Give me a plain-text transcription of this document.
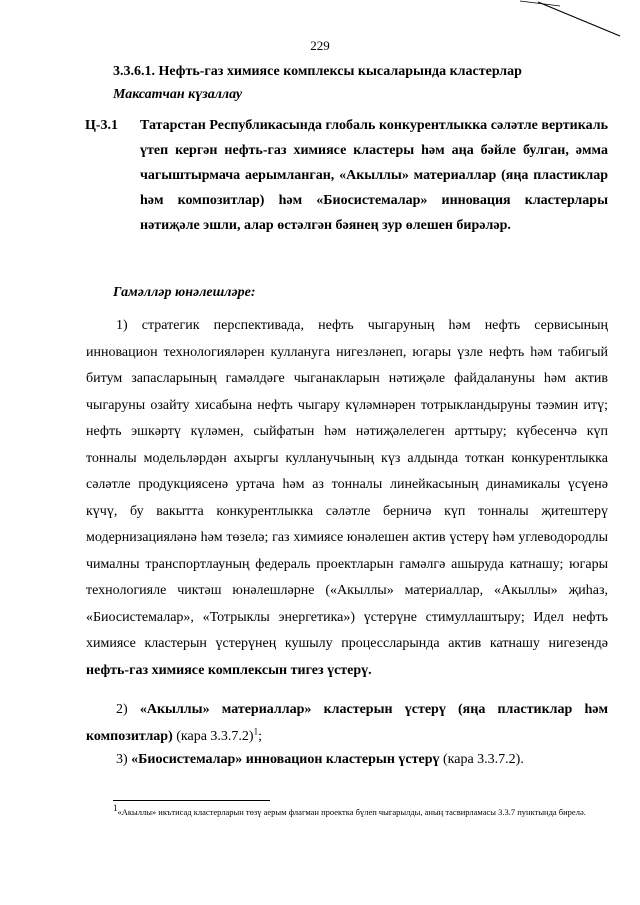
229
3.3.6.1. Нефть-газ химиясе комплексы кысаларында кластерлар
Максатчан күзаллау
Ц-3.1 Татарстан Республикасында глобаль конкурентлыкка сәләтле вертикаль үтеп кергән нефть-газ химиясе кластеры һәм аңа бәйле булган, әмма чагыштырмача аерымланган, «Акыллы» материаллар (яңа пластиклар һәм композитлар) һәм «Биосистемалар» инновация кластерлары нәтиҗәле эшли, алар өстәлгән бәянең зур өлешен бирәләр.
Гамәлләр юнәлешләре:
1) стратегик перспективада, нефть чыгаруның һәм нефть сервисының инновацион технологияләрен куллануга нигезләнеп, югары үзле нефть һәм табигый битум запасларының гамәлдәге чыганакларын нәтиҗәле файдалануны һәм актив чыгаруны озайту хисабына нефть чыгару күләмнәрен тотрыкландыруны тәэмин итү; нефть эшкәртү күләмен, сыйфатын һәм нәтиҗәлелеген арттыру; күбесенчә күп тонналы модельләрдән ахыргы кулланучының күз алдында тоткан конкурентлыкка сәләтле продукциясенә уртача һәм аз тонналы линейкасының динамикалы үсүенә күчү, бу вакытта конкурентлыкка сәләтле берничә күп тонналы җитештерү модернизацияләнә һәм төзелә; газ химиясе юнәлешен актив үстерү һәм углеводородлы чималны транспортлауның федераль проектларын гамәлгә ашыруда катнашу; югары технологияле чиктәш юнәлешләрне («Акыллы» материаллар, «Акыллы» җиһаз, «Биосистемалар», «Тотрыклы энергетика») үстерүне стимуллаштыру; Идел нефть химиясе кластерын үстерүнең кушылу процессларында актив катнашу нигезендә нефть-газ химиясе комплексын тигез үстерү.
2) «Акыллы» материаллар» кластерын үстерү (яңа пластиклар һәм композитлар) (кара 3.3.7.2)$^1$;
3) «Биосистемалар» инновацион кластерын үстерү (кара 3.3.7.2).
$^1$«Акыллы» икътисад кластерларын төзү аерым флагман проектка бүлеп чыгарылды, аның тасвирламасы 3.3.7 пунктында бирелә.
